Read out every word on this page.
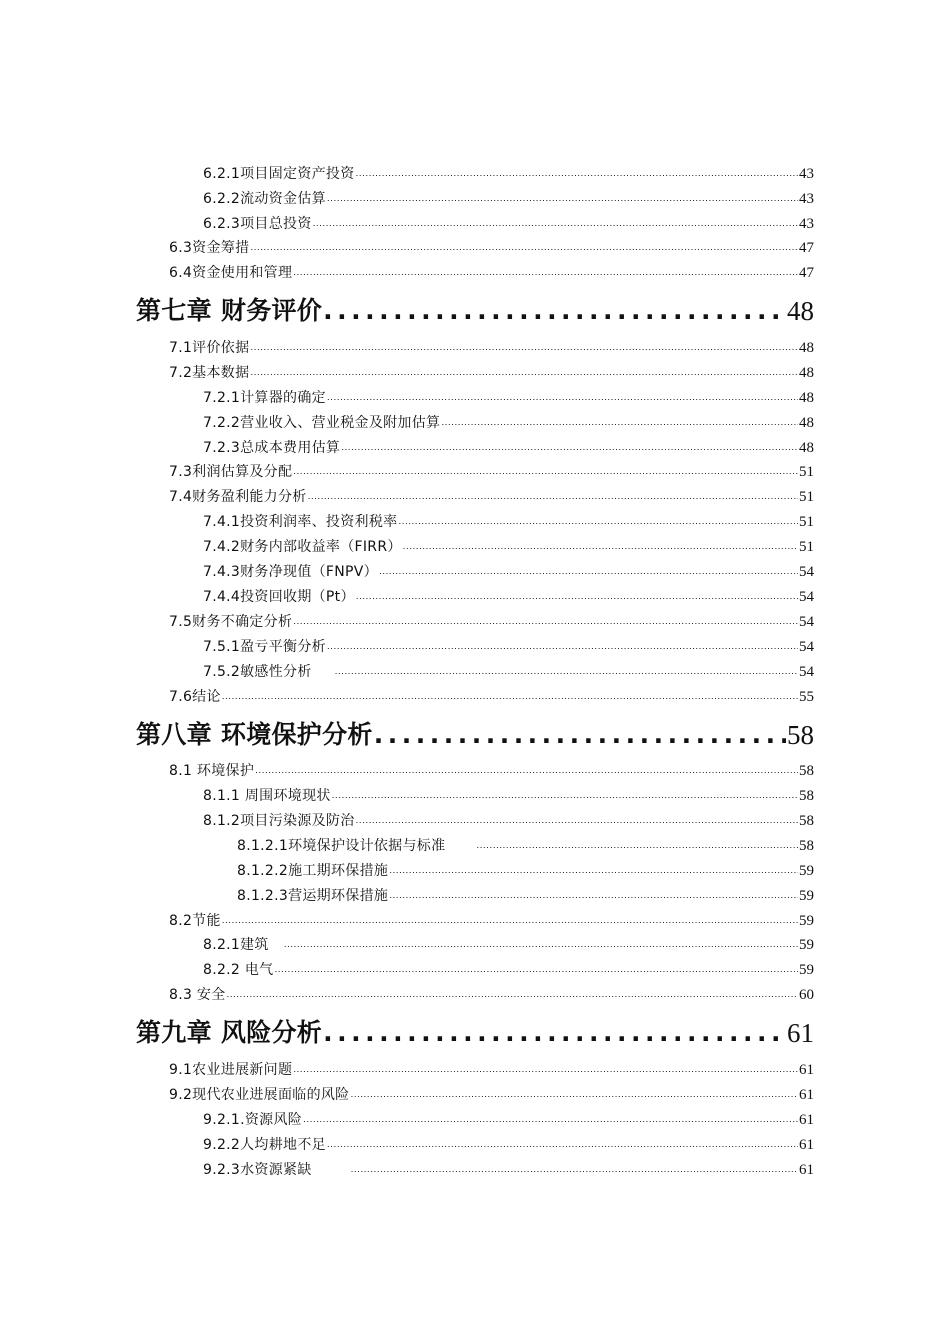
6.2.1项目固定资产投资 .....	43
6.2.2流动资金估算 .....	43
6.2.3项目总投资 .....	43
6.3资金筹措 .....	47
6.4资金使用和管理 .....	47
第七章 财务评价 .....	48
7.1评价依据 .....	48
7.2基本数据 .....	48
7.2.1计算器的确定 .....	48
7.2.2营业收入、营业税金及附加估算 .....	48
7.2.3总成本费用估算 .....	48
7.3利润估算及分配 .....	51
7.4财务盈利能力分析 .....	51
7.4.1投资利润率、投资利税率 .....	51
7.4.2财务内部收益率（FIRR） .....	51
7.4.3财务净现值（FNPV） .....	54
7.4.4投资回收期（Pt） .....	54
7.5财务不确定分析 .....	54
7.5.1盈亏平衡分析 .....	54
7.5.2敏感性分析 .....	54
7.6结论 .....	55
第八章 环境保护分析 .....	58
8.1 环境保护 .....	58
8.1.1 周围环境现状 .....	58
8.1.2项目污染源及防治 .....	58
8.1.2.1环境保护设计依据与标准 .....	58
8.1.2.2施工期环保措施 .....	59
8.1.2.3营运期环保措施 .....	59
8.2节能 .....	59
8.2.1建筑 .....	59
8.2.2 电气 .....	59
8.3 安全 .....	60
第九章 风险分析 .....	61
9.1农业进展新问题 .....	61
9.2现代农业进展面临的风险 .....	61
9.2.1.资源风险 .....	61
9.2.2人均耕地不足 .....	61
9.2.3水资源紧缺 .....	61
